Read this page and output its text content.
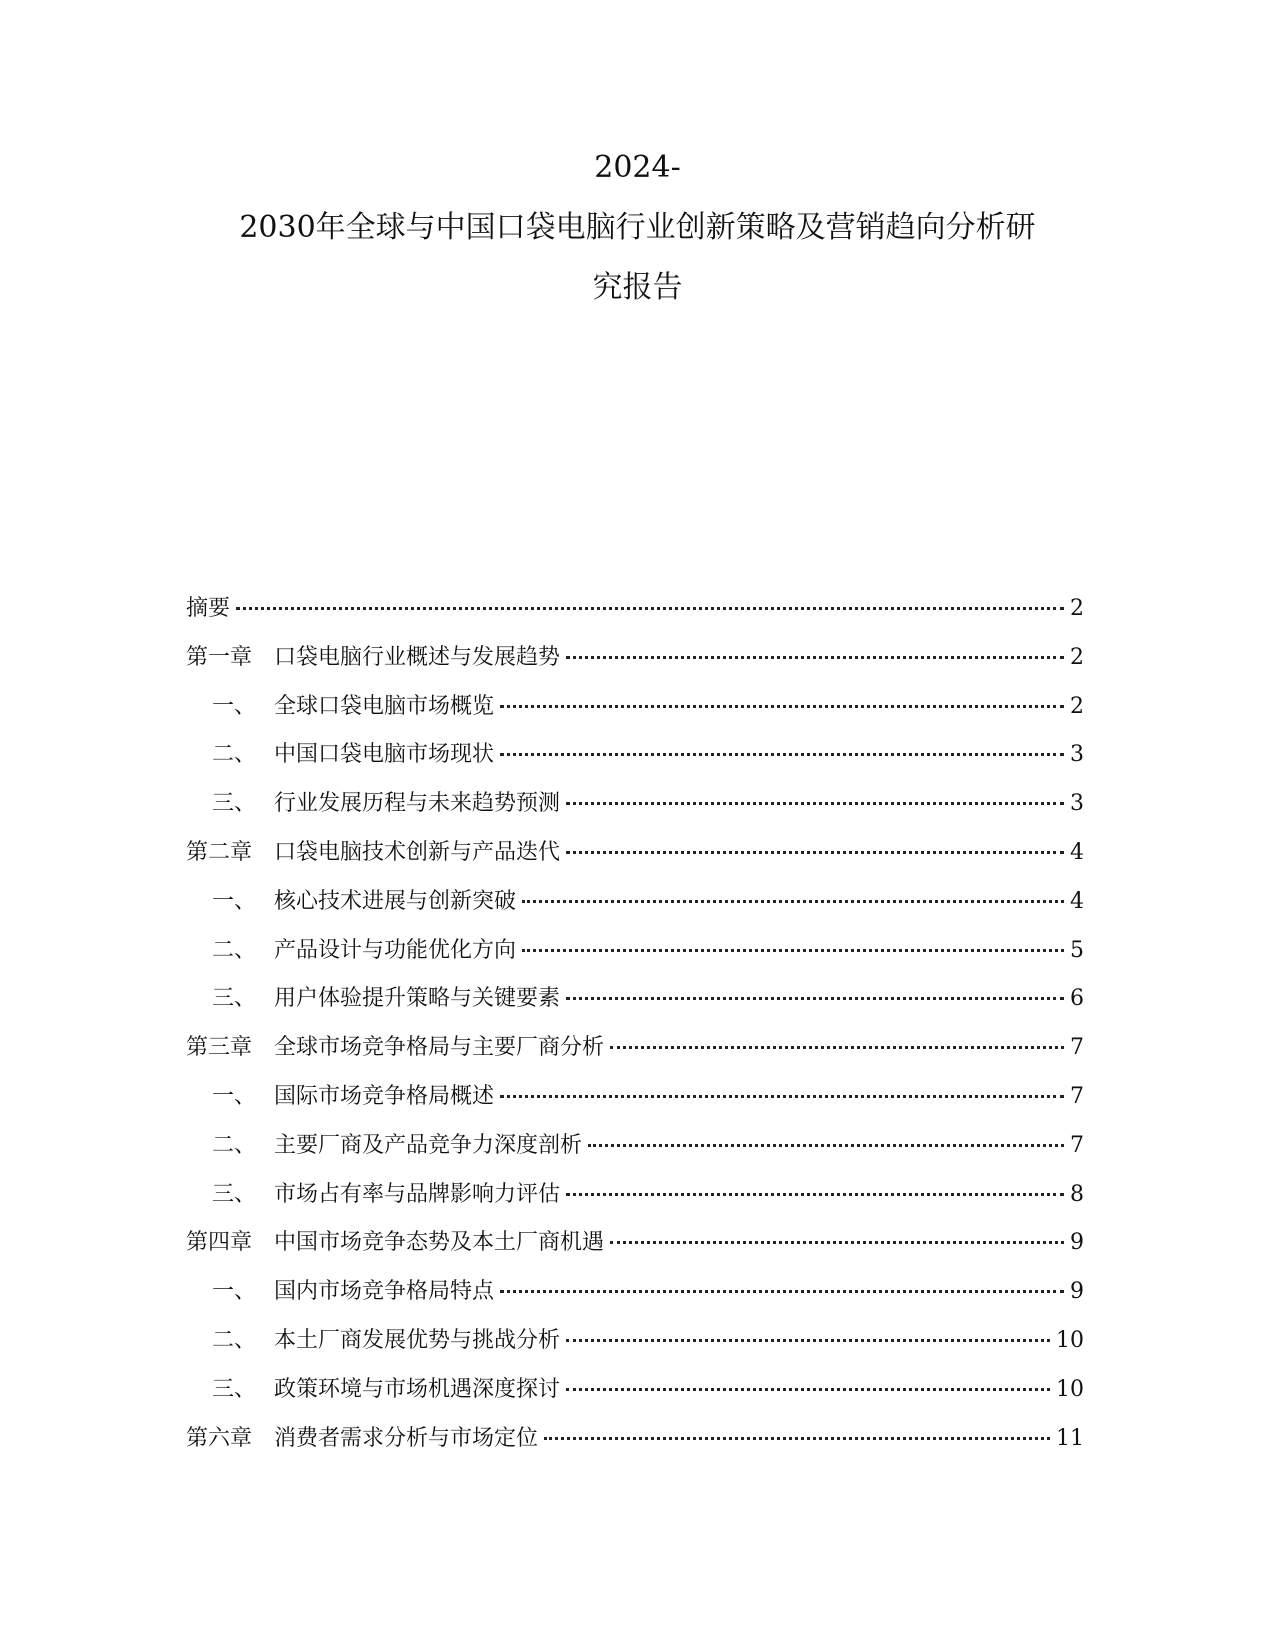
2024-
2030年全球与中国口袋电脑行业创新策略及营销趋向分析研
究报告
摘要	2
第一章 口袋电脑行业概述与发展趋势	2
一、 全球口袋电脑市场概览	2
二、 中国口袋电脑市场现状	3
三、 行业发展历程与未来趋势预测	3
第二章 口袋电脑技术创新与产品迭代	4
一、 核心技术进展与创新突破	4
二、 产品设计与功能优化方向	5
三、 用户体验提升策略与关键要素	6
第三章 全球市场竞争格局与主要厂商分析	7
一、 国际市场竞争格局概述	7
二、 主要厂商及产品竞争力深度剖析	7
三、 市场占有率与品牌影响力评估	8
第四章 中国市场竞争态势及本土厂商机遇	9
一、 国内市场竞争格局特点	9
二、 本土厂商发展优势与挑战分析	10
三、 政策环境与市场机遇深度探讨	10
第六章 消费者需求分析与市场定位	11
